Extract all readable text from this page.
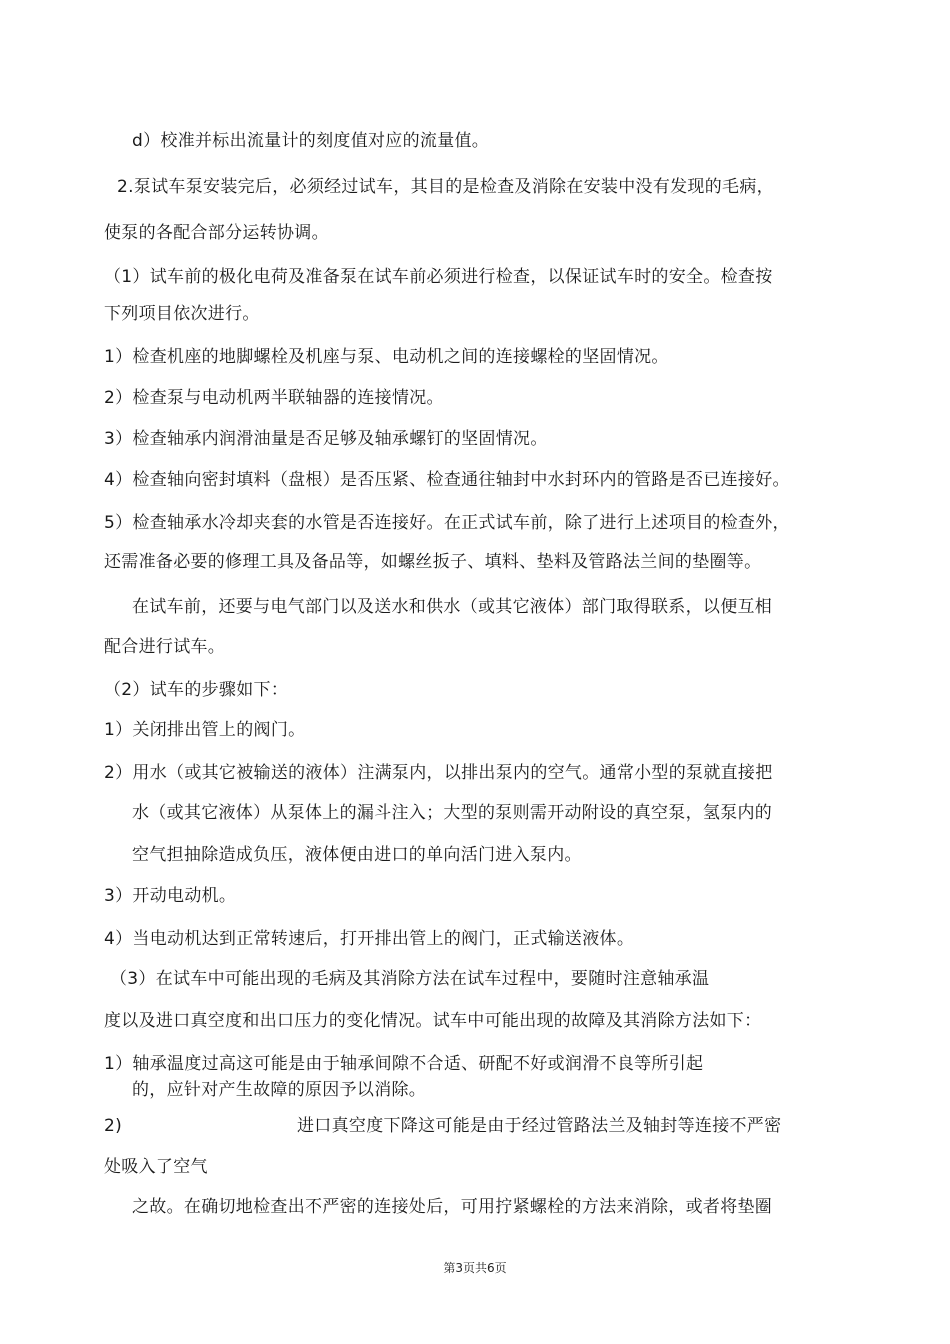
d）校准并标出流量计的刻度值对应的流量值。
2.泵试车泵安装完后，必须经过试车，其目的是检查及消除在安装中没有发现的毛病，
使泵的各配合部分运转协调。
（1）试车前的极化电荷及准备泵在试车前必须进行检查，以保证试车时的安全。检查按
下列项目依次进行。
1）检查机座的地脚螺栓及机座与泵、电动机之间的连接螺栓的坚固情况。
2）检查泵与电动机两半联轴器的连接情况。
3）检查轴承内润滑油量是否足够及轴承螺钉的坚固情况。
4）检查轴向密封填料（盘根）是否压紧、检查通往轴封中水封环内的管路是否已连接好。
5）检查轴承水冷却夹套的水管是否连接好。在正式试车前，除了进行上述项目的检查外，
还需准备必要的修理工具及备品等，如螺丝扳子、填料、垫料及管路法兰间的垫圈等。
在试车前，还要与电气部门以及送水和供水（或其它液体）部门取得联系，以便互相
配合进行试车。
（2）试车的步骤如下：
1）关闭排出管上的阀门。
2）用水（或其它被输送的液体）注满泵内，以排出泵内的空气。通常小型的泵就直接把
水（或其它液体）从泵体上的漏斗注入；大型的泵则需开动附设的真空泵，氢泵内的
空气担抽除造成负压，液体便由进口的单向活门进入泵内。
3）开动电动机。
4）当电动机达到正常转速后，打开排出管上的阀门，正式输送液体。
（3）在试车中可能出现的毛病及其消除方法在试车过程中，要随时注意轴承温
度以及进口真空度和出口压力的变化情况。试车中可能出现的故障及其消除方法如下：
1）轴承温度过高这可能是由于轴承间隙不合适、研配不好或润滑不良等所引起
的，应针对产生故障的原因予以消除。
2)	进口真空度下降这可能是由于经过管路法兰及轴封等连接不严密
处吸入了空气
之故。在确切地检查出不严密的连接处后，可用拧紧螺栓的方法来消除，或者将垫圈
第3页共6页
